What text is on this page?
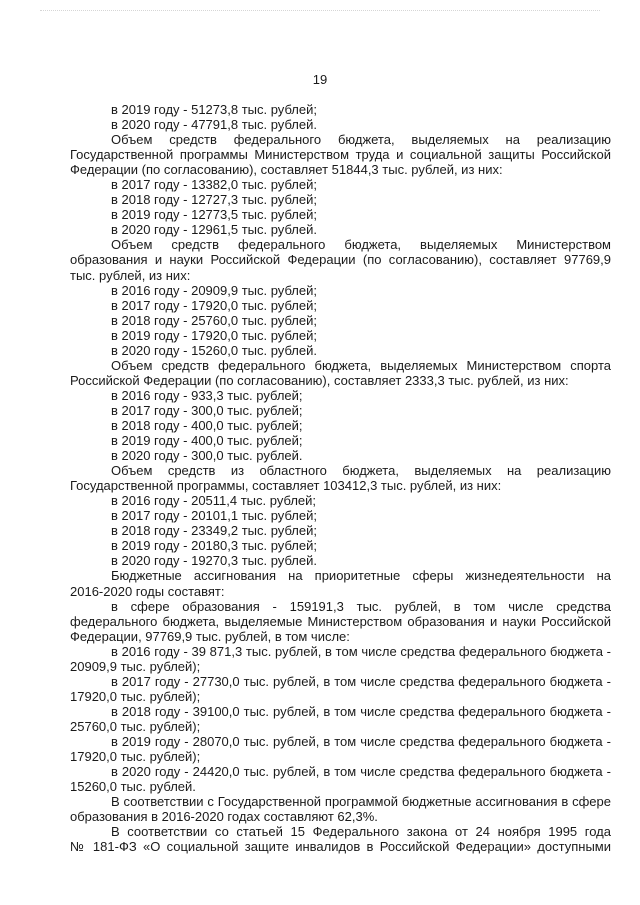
19
в 2019 году - 51273,8 тыс. рублей;
в 2020 году - 47791,8 тыс. рублей.
Объем средств федерального бюджета, выделяемых на реализацию
Государственной программы Министерством труда и социальной защиты Российской
Федерации (по согласованию), составляет 51844,3 тыс. рублей, из них:
в 2017 году - 13382,0 тыс. рублей;
в 2018 году - 12727,3 тыс. рублей;
в 2019 году - 12773,5 тыс. рублей;
в 2020 году - 12961,5 тыс. рублей.
Объем средств федерального бюджета, выделяемых Министерством
образования и науки Российской Федерации (по согласованию), составляет 97769,9
тыс. рублей, из них:
в 2016 году - 20909,9 тыс. рублей;
в 2017 году - 17920,0 тыс. рублей;
в 2018 году - 25760,0 тыс. рублей;
в 2019 году - 17920,0 тыс. рублей;
в 2020 году - 15260,0 тыс. рублей.
Объем средств федерального бюджета, выделяемых Министерством спорта
Российской Федерации (по согласованию), составляет 2333,3 тыс. рублей, из них:
в 2016 году - 933,3 тыс. рублей;
в 2017 году - 300,0 тыс. рублей;
в 2018 году - 400,0 тыс. рублей;
в 2019 году - 400,0 тыс. рублей;
в 2020 году - 300,0 тыс. рублей.
Объем средств из областного бюджета, выделяемых на реализацию
Государственной программы, составляет 103412,3 тыс. рублей, из них:
в 2016 году - 20511,4 тыс. рублей;
в 2017 году - 20101,1 тыс. рублей;
в 2018 году - 23349,2 тыс. рублей;
в 2019 году - 20180,3 тыс. рублей;
в 2020 году - 19270,3 тыс. рублей.
Бюджетные ассигнования на приоритетные сферы жизнедеятельности на
2016-2020 годы составят:
в сфере образования - 159191,3 тыс. рублей, в том числе средства
федерального бюджета, выделяемые Министерством образования и науки Российской
Федерации, 97769,9 тыс. рублей, в том числе:
в 2016 году - 39 871,3 тыс. рублей, в том числе средства федерального бюджета -
20909,9 тыс. рублей);
в 2017 году - 27730,0 тыс. рублей, в том числе средства федерального бюджета -
17920,0 тыс. рублей);
в 2018 году - 39100,0 тыс. рублей, в том числе средства федерального бюджета -
25760,0 тыс. рублей);
в 2019 году - 28070,0 тыс. рублей, в том числе средства федерального бюджета -
17920,0 тыс. рублей);
в 2020 году - 24420,0 тыс. рублей, в том числе средства федерального бюджета -
15260,0 тыс. рублей.
В соответствии с Государственной программой бюджетные ассигнования в сфере
образования в 2016-2020 годах составляют 62,3%.
В соответствии со статьей 15 Федерального закона от 24 ноября 1995 года
№ 181-ФЗ «О социальной защите инвалидов в Российской Федерации» доступными
